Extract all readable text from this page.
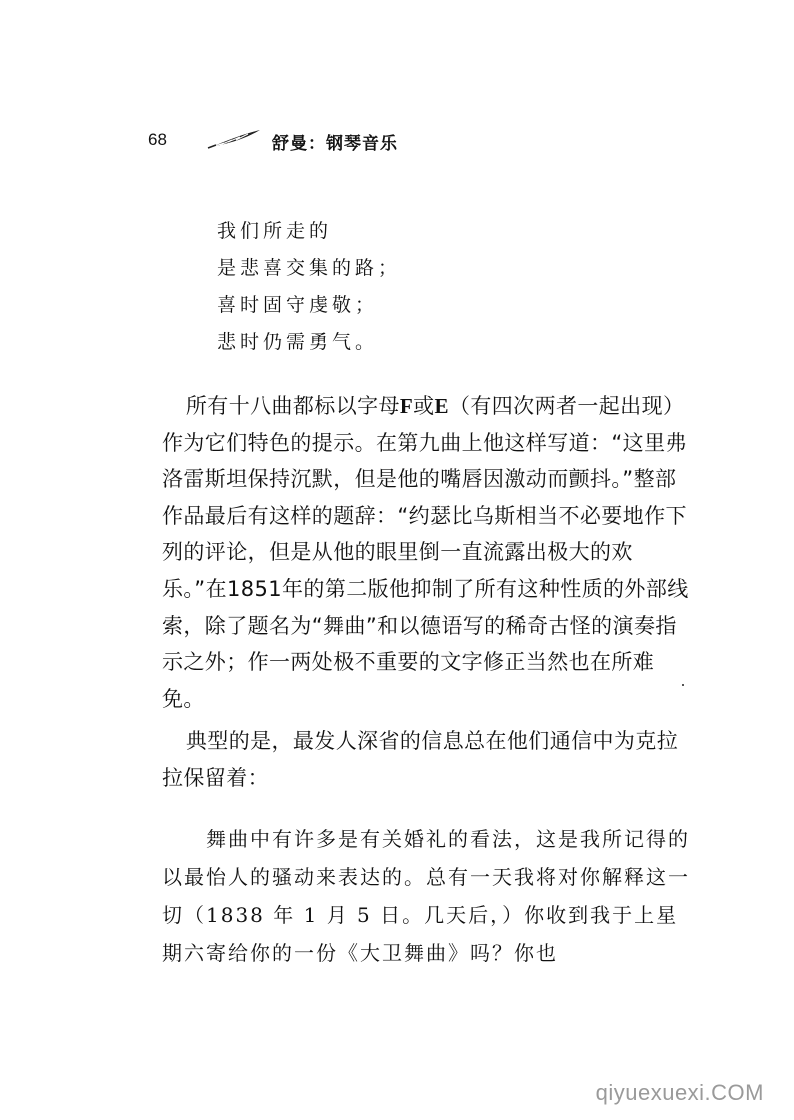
68	舒曼：钢琴音乐
我们所走的
是悲喜交集的路；
喜时固守虔敬；
悲时仍需勇气。

　 所有十八曲都标以字母F或E（有四次两者一起出现）作为它们特色的提示。在第九曲上他这样写道：“这里弗洛雷斯坦保持沉默，但是他的嘴唇因激动而颤抖。”整部作品最后有这样的题辞：“约瑟比乌斯相当不必要地作下列的评论，但是从他的眼里倒一直流露出极大的欢乐。”在1851年的第二版他抑制了所有这种性质的外部线索，除了题名为“舞曲”和以德语写的稀奇古怪的演奏指示之外；作一两处极不重要的文字修正当然也在所难免。

　 典型的是，最发人深省的信息总在他们通信中为克拉拉保留着：

　　舞曲中有许多是有关婚礼的看法，这是我所记得的以最怡人的骚动来表达的。总有一天我将对你解释这一切（1838 年 1 月 5 日。几天后，）你收到我于上星期六寄给你的一份《大卫舞曲》吗？你也

qiyuexuexi.COM
